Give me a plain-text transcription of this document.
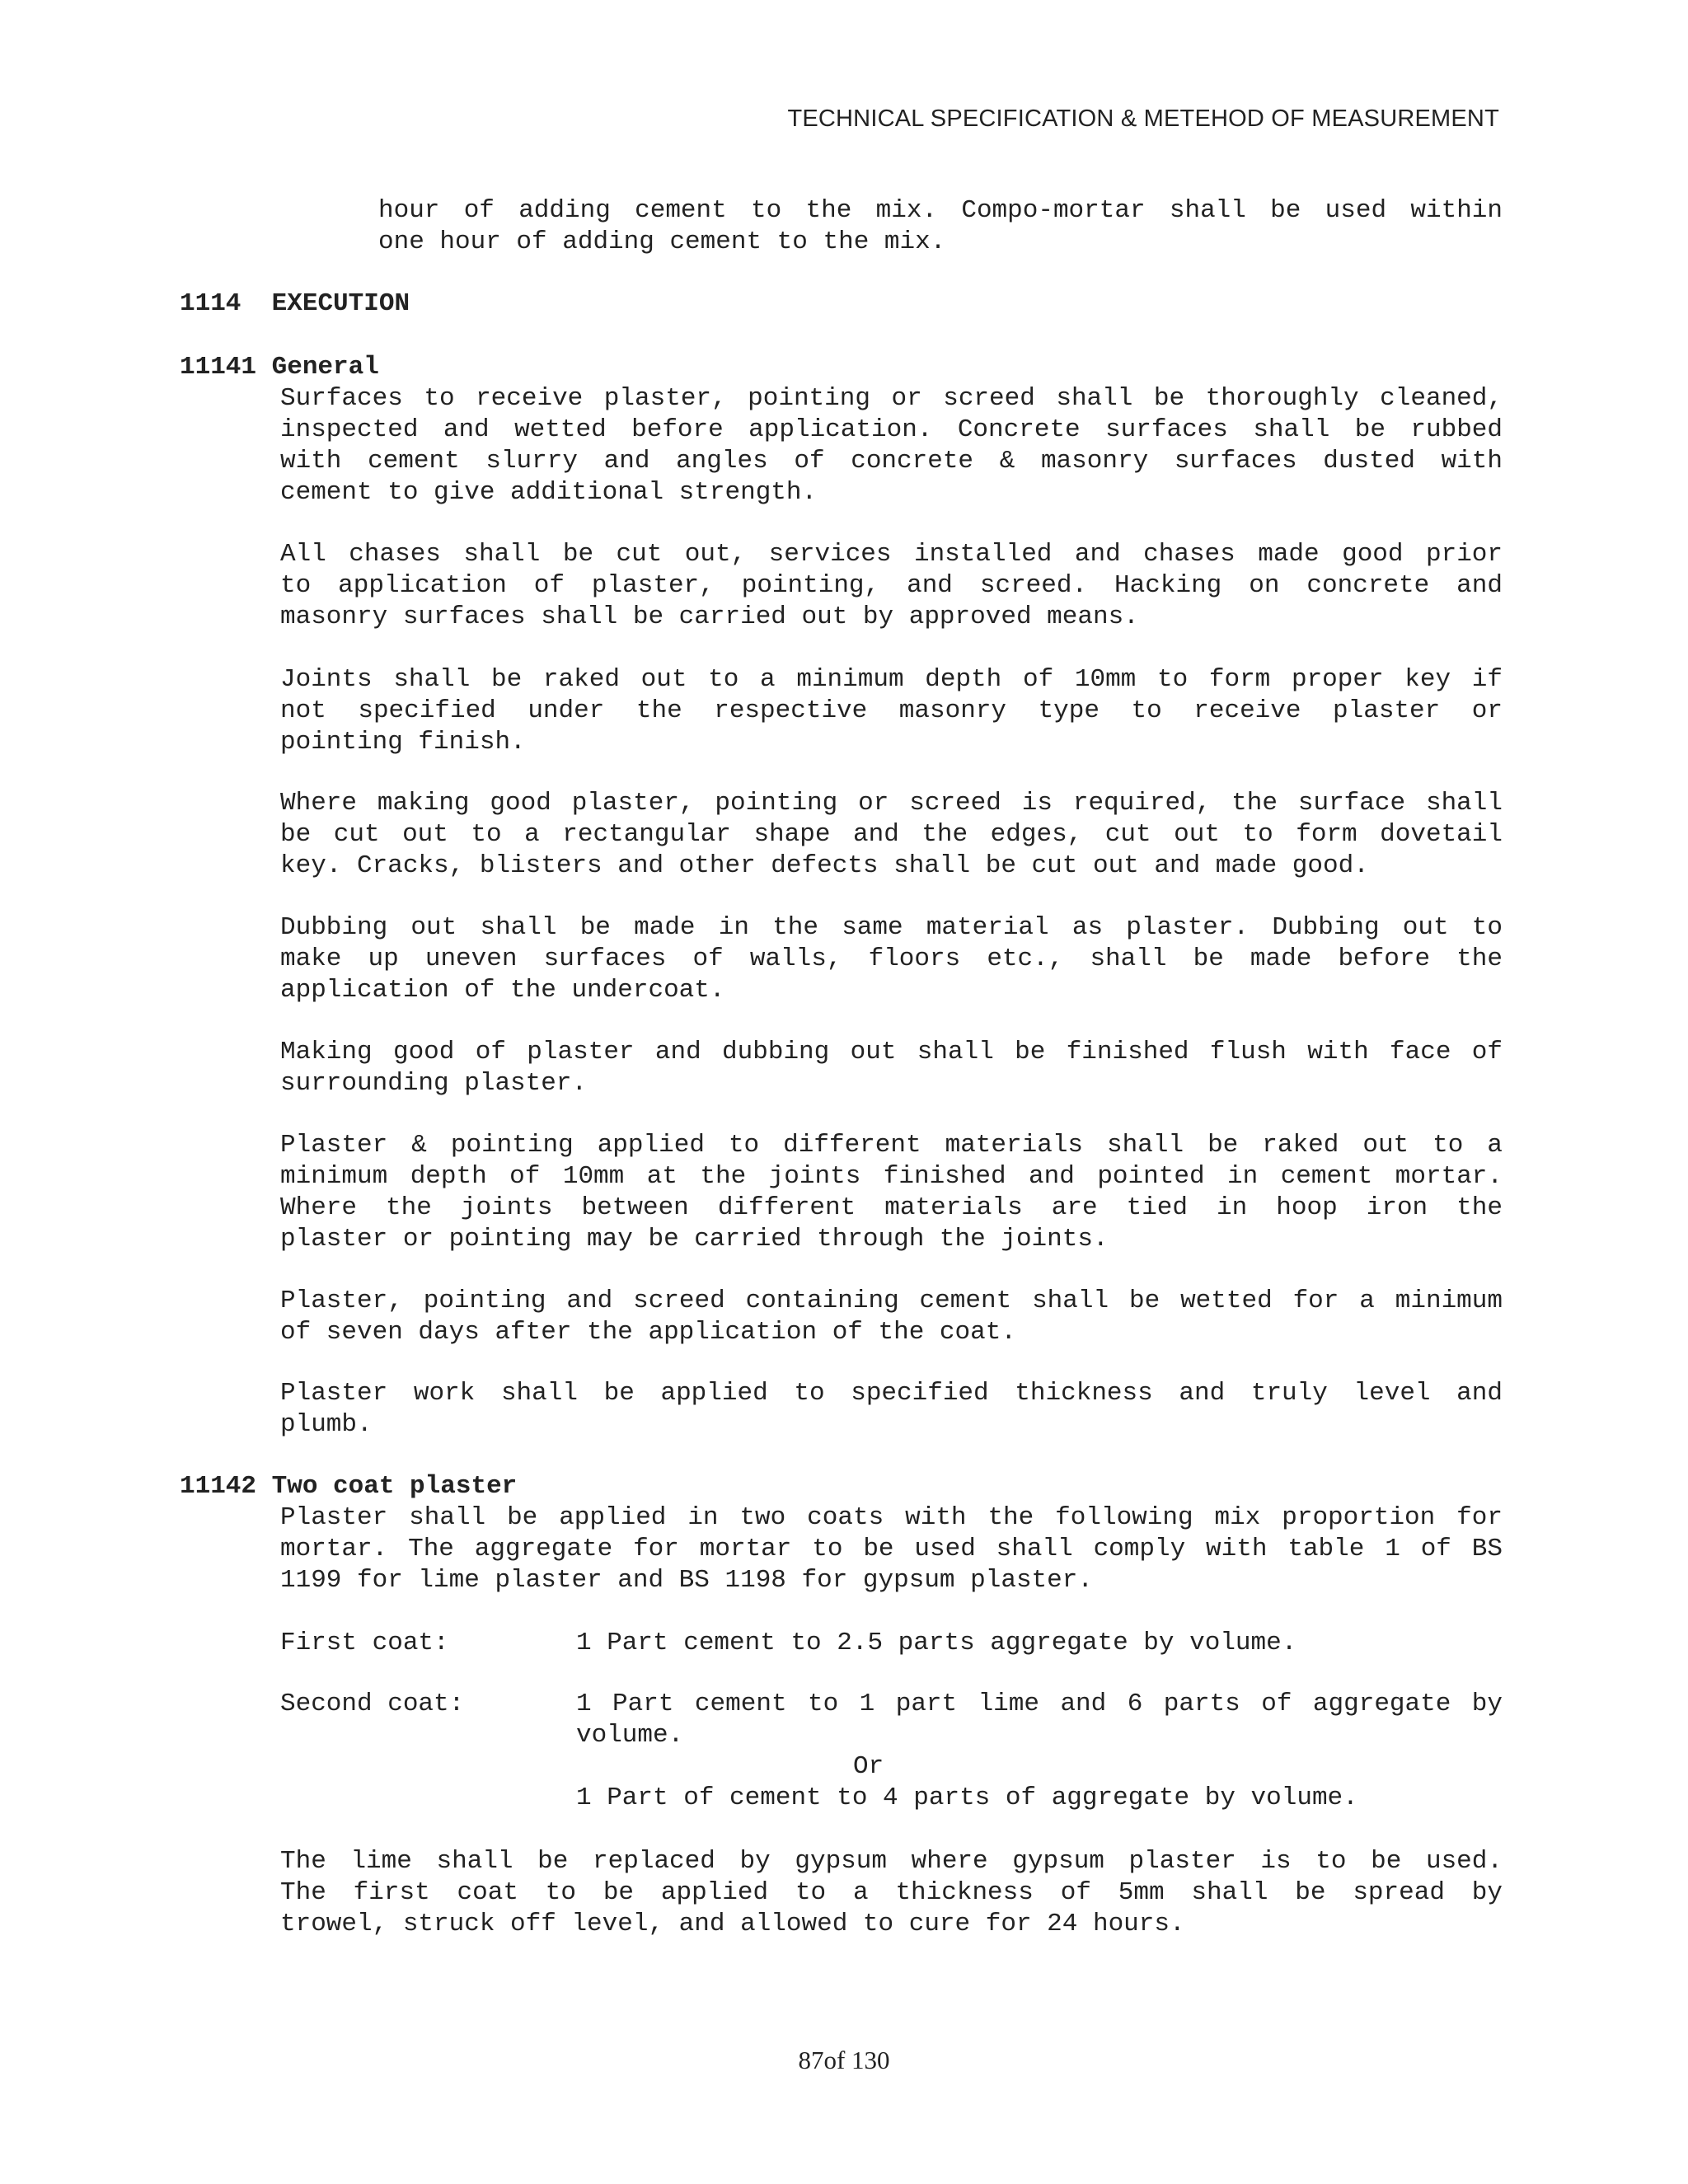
TECHNICAL SPECIFICATION & METEHOD OF MEASUREMENT
hour of adding cement to the mix. Compo-mortar shall be used within
one hour of adding cement to the mix.
1114 EXECUTION
11141 General
Surfaces to receive plaster, pointing or screed shall be thoroughly cleaned,
inspected and wetted before application. Concrete surfaces shall be rubbed
with cement slurry and angles of concrete & masonry surfaces dusted with
cement to give additional strength.
All chases shall be cut out, services installed and chases made good prior
to application of plaster, pointing, and screed. Hacking on concrete and
masonry surfaces shall be carried out by approved means.
Joints shall be raked out to a minimum depth of 10mm to form proper key if
not specified under the respective masonry type to receive plaster or
pointing finish.
Where making good plaster, pointing or screed is required, the surface shall
be cut out to a rectangular shape and the edges, cut out to form dovetail
key. Cracks, blisters and other defects shall be cut out and made good.
Dubbing out shall be made in the same material as plaster. Dubbing out to
make up uneven surfaces of walls, floors etc., shall be made before the
application of the undercoat.
Making good of plaster and dubbing out shall be finished flush with face of
surrounding plaster.
Plaster & pointing applied to different materials shall be raked out to a
minimum depth of 10mm at the joints finished and pointed in cement mortar.
Where the joints between different materials are tied in hoop iron the
plaster or pointing may be carried through the joints.
Plaster, pointing and screed containing cement shall be wetted for a minimum
of seven days after the application of the coat.
Plaster work shall be applied to specified thickness and truly level and
plumb.
11142 Two coat plaster
Plaster shall be applied in two coats with the following mix proportion for
mortar. The aggregate for mortar to be used shall comply with table 1 of BS
1199 for lime plaster and BS 1198 for gypsum plaster.
First coat:	1 Part cement to 2.5 parts aggregate by volume.
Second coat:	1 Part cement to 1 part lime and 6 parts of aggregate by
volume.
Or
1 Part of cement to 4 parts of aggregate by volume.
The lime shall be replaced by gypsum where gypsum plaster is to be used.
The first coat to be applied to a thickness of 5mm shall be spread by
trowel, struck off level, and allowed to cure for 24 hours.
87of 130
